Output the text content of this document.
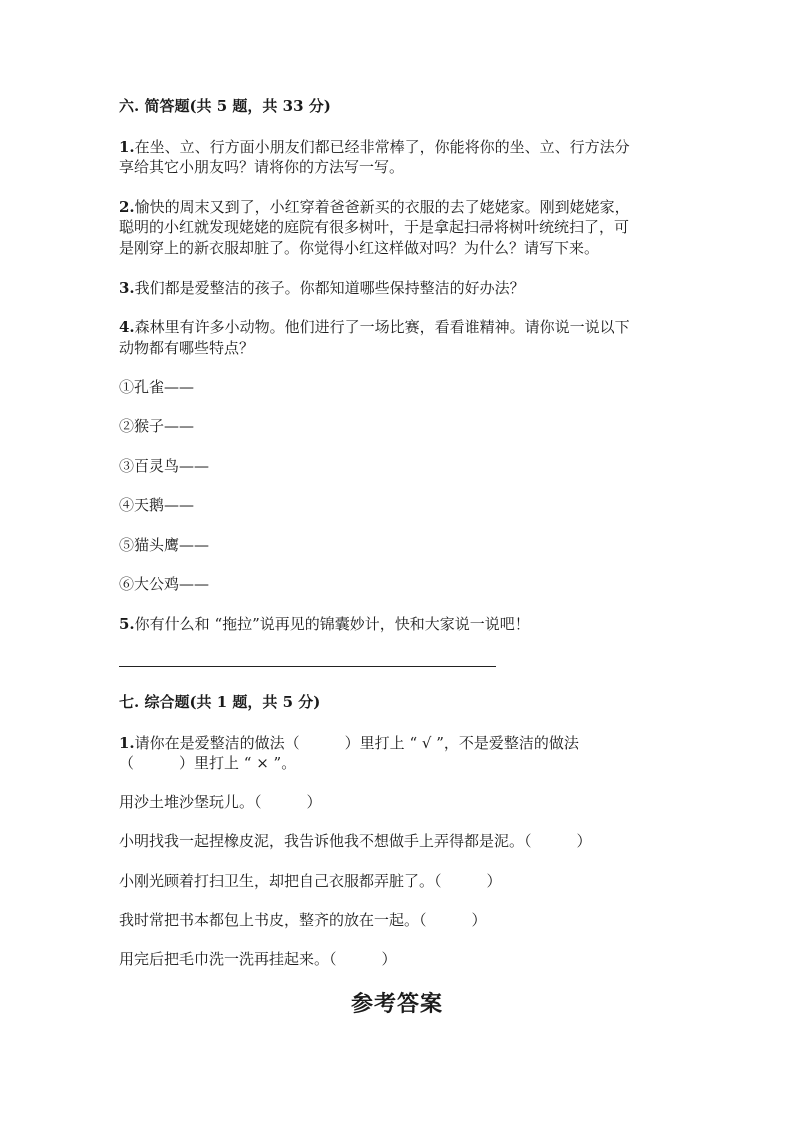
六. 简答题(共 5 题，共 33 分)
1.在坐、立、行方面小朋友们都已经非常棒了，你能将你的坐、立、行方法分
享给其它小朋友吗？请将你的方法写一写。
2.愉快的周末又到了，小红穿着爸爸新买的衣服的去了姥姥家。刚到姥姥家，
聪明的小红就发现姥姥的庭院有很多树叶，于是拿起扫帚将树叶统统扫了，可
是刚穿上的新衣服却脏了。你觉得小红这样做对吗？为什么？请写下来。
3.我们都是爱整洁的孩子。你都知道哪些保持整洁的好办法？
4.森林里有许多小动物。他们进行了一场比赛，看看谁精神。请你说一说以下
动物都有哪些特点？
①孔雀——
②猴子——
③百灵鸟——
④天鹅——
⑤猫头鹰——
⑥大公鸡——
5.你有什么和 “拖拉”说再见的锦囊妙计，快和大家说一说吧！
七. 综合题(共 1 题，共 5 分)
1.请你在是爱整洁的做法（　　　）里打上 “ √ ”，不是爱整洁的做法
（　　　）里打上 “ × ”。
用沙土堆沙堡玩儿。（　　　）
小明找我一起捏橡皮泥，我告诉他我不想做手上弄得都是泥。（　　　）
小刚光顾着打扫卫生，却把自己衣服都弄脏了。（　　　）
我时常把书本都包上书皮，整齐的放在一起。（　　　）
用完后把毛巾洗一洗再挂起来。（　　　）
参考答案
